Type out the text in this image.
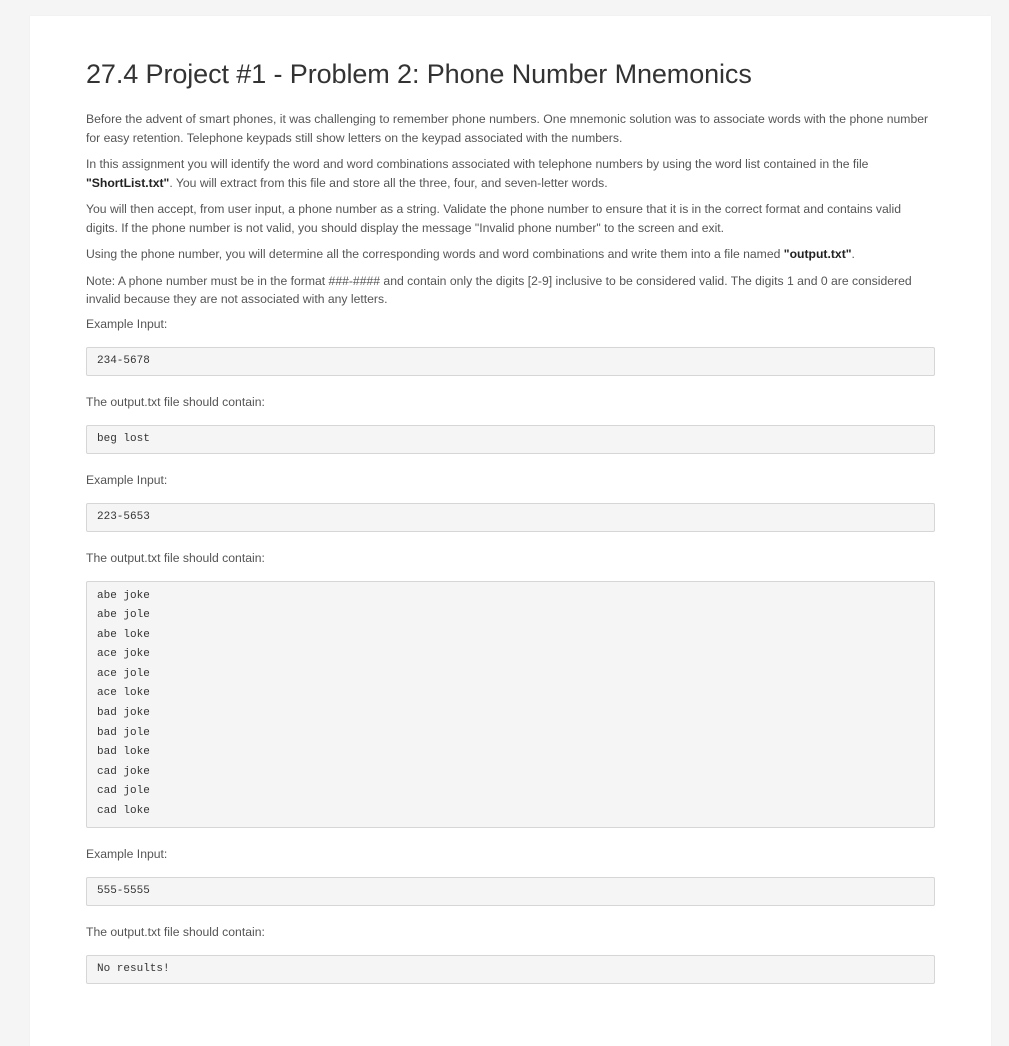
27.4 Project #1 - Problem 2: Phone Number Mnemonics

Before the advent of smart phones, it was challenging to remember phone numbers. One mnemonic solution was to associate words with the phone number for easy retention. Telephone keypads still show letters on the keypad associated with the numbers.

In this assignment you will identify the word and word combinations associated with telephone numbers by using the word list contained in the file "ShortList.txt". You will extract from this file and store all the three, four, and seven-letter words.

You will then accept, from user input, a phone number as a string. Validate the phone number to ensure that it is in the correct format and contains valid digits. If the phone number is not valid, you should display the message "Invalid phone number" to the screen and exit.

Using the phone number, you will determine all the corresponding words and word combinations and write them into a file named "output.txt".

Note: A phone number must be in the format ###-#### and contain only the digits [2-9] inclusive to be considered valid. The digits 1 and 0 are considered invalid because they are not associated with any letters.

Example Input:
234-5678
The output.txt file should contain:
beg lost
Example Input:
223-5653
The output.txt file should contain:
abe joke
abe jole
abe loke
ace joke
ace jole
ace loke
bad joke
bad jole
bad loke
cad joke
cad jole
cad loke
Example Input:
555-5555
The output.txt file should contain:
No results!
